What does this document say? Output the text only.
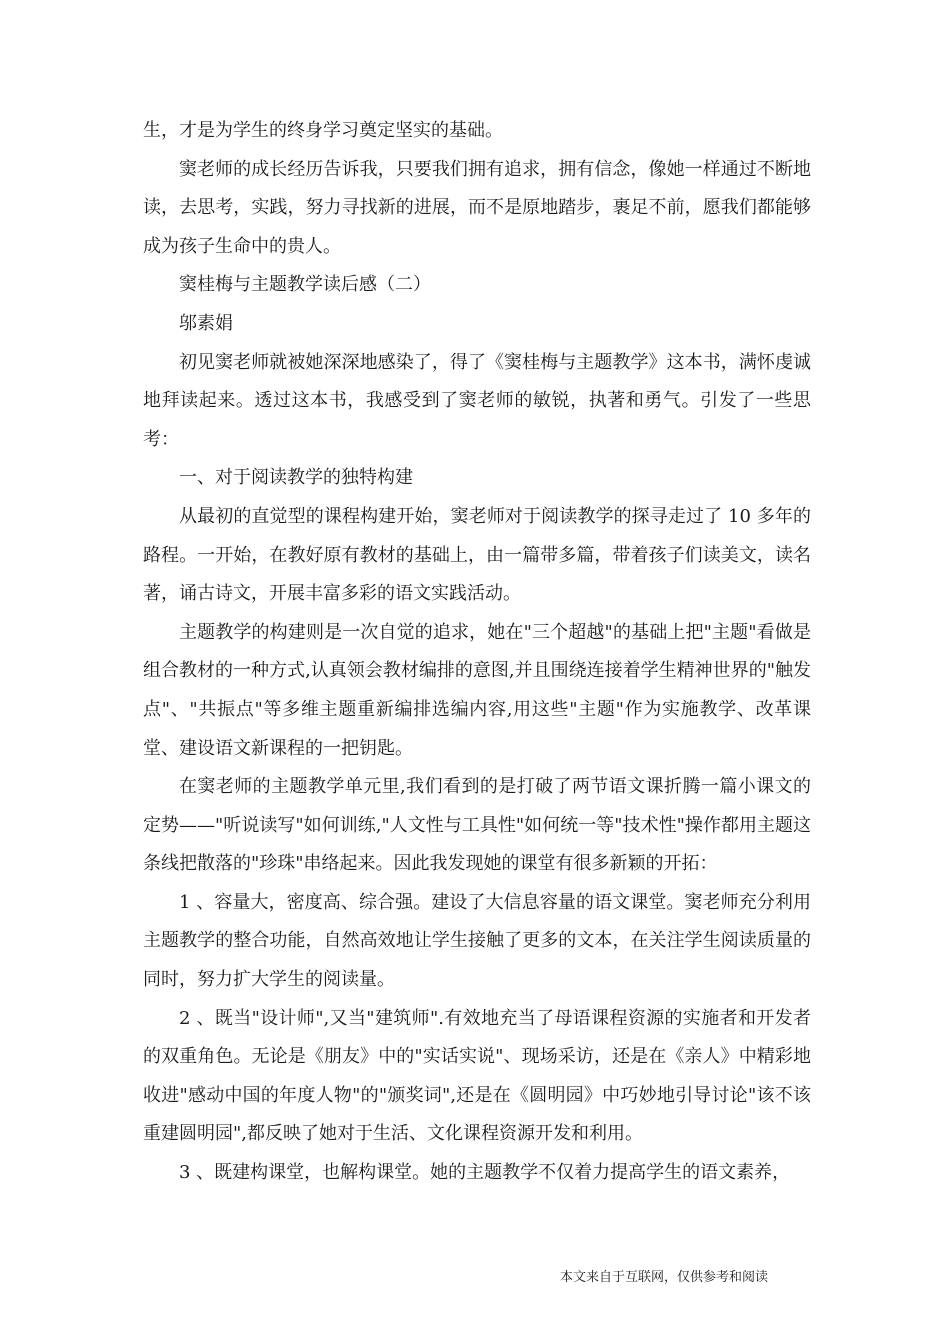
生，才是为学生的终身学习奠定坚实的基础。

窦老师的成长经历告诉我，只要我们拥有追求，拥有信念，像她一样通过不断地读，去思考，实践，努力寻找新的进展，而不是原地踏步，裹足不前，愿我们都能够成为孩子生命中的贵人。

窦桂梅与主题教学读后感（二）

邬素娟

初见窦老师就被她深深地感染了，得了《窦桂梅与主题教学》这本书，满怀虔诚地拜读起来。透过这本书，我感受到了窦老师的敏锐，执著和勇气。引发了一些思考：

一、对于阅读教学的独特构建

从最初的直觉型的课程构建开始，窦老师对于阅读教学的探寻走过了 10 多年的路程。一开始，在教好原有教材的基础上，由一篇带多篇，带着孩子们读美文，读名著，诵古诗文，开展丰富多彩的语文实践活动。

主题教学的构建则是一次自觉的追求，她在"三个超越"的基础上把"主题"看做是组合教材的一种方式,认真领会教材编排的意图,并且围绕连接着学生精神世界的"触发点"、"共振点"等多维主题重新编排选编内容,用这些"主题"作为实施教学、改革课堂、建设语文新课程的一把钥匙。

在窦老师的主题教学单元里,我们看到的是打破了两节语文课折腾一篇小课文的定势——"听说读写"如何训练,"人文性与工具性"如何统一等"技术性"操作都用主题这条线把散落的"珍珠"串络起来。因此我发现她的课堂有很多新颖的开拓：

1 、容量大，密度高、综合强。建设了大信息容量的语文课堂。窦老师充分利用主题教学的整合功能，自然高效地让学生接触了更多的文本，在关注学生阅读质量的同时，努力扩大学生的阅读量。

2 、既当"设计师",又当"建筑师".有效地充当了母语课程资源的实施者和开发者的双重角色。无论是《朋友》中的"实话实说"、现场采访，还是在《亲人》中精彩地收进"感动中国的年度人物"的"颁奖词",还是在《圆明园》中巧妙地引导讨论"该不该重建圆明园",都反映了她对于生活、文化课程资源开发和利用。

3 、既建构课堂，也解构课堂。她的主题教学不仅着力提高学生的语文素养，

本文来自于互联网，仅供参考和阅读
